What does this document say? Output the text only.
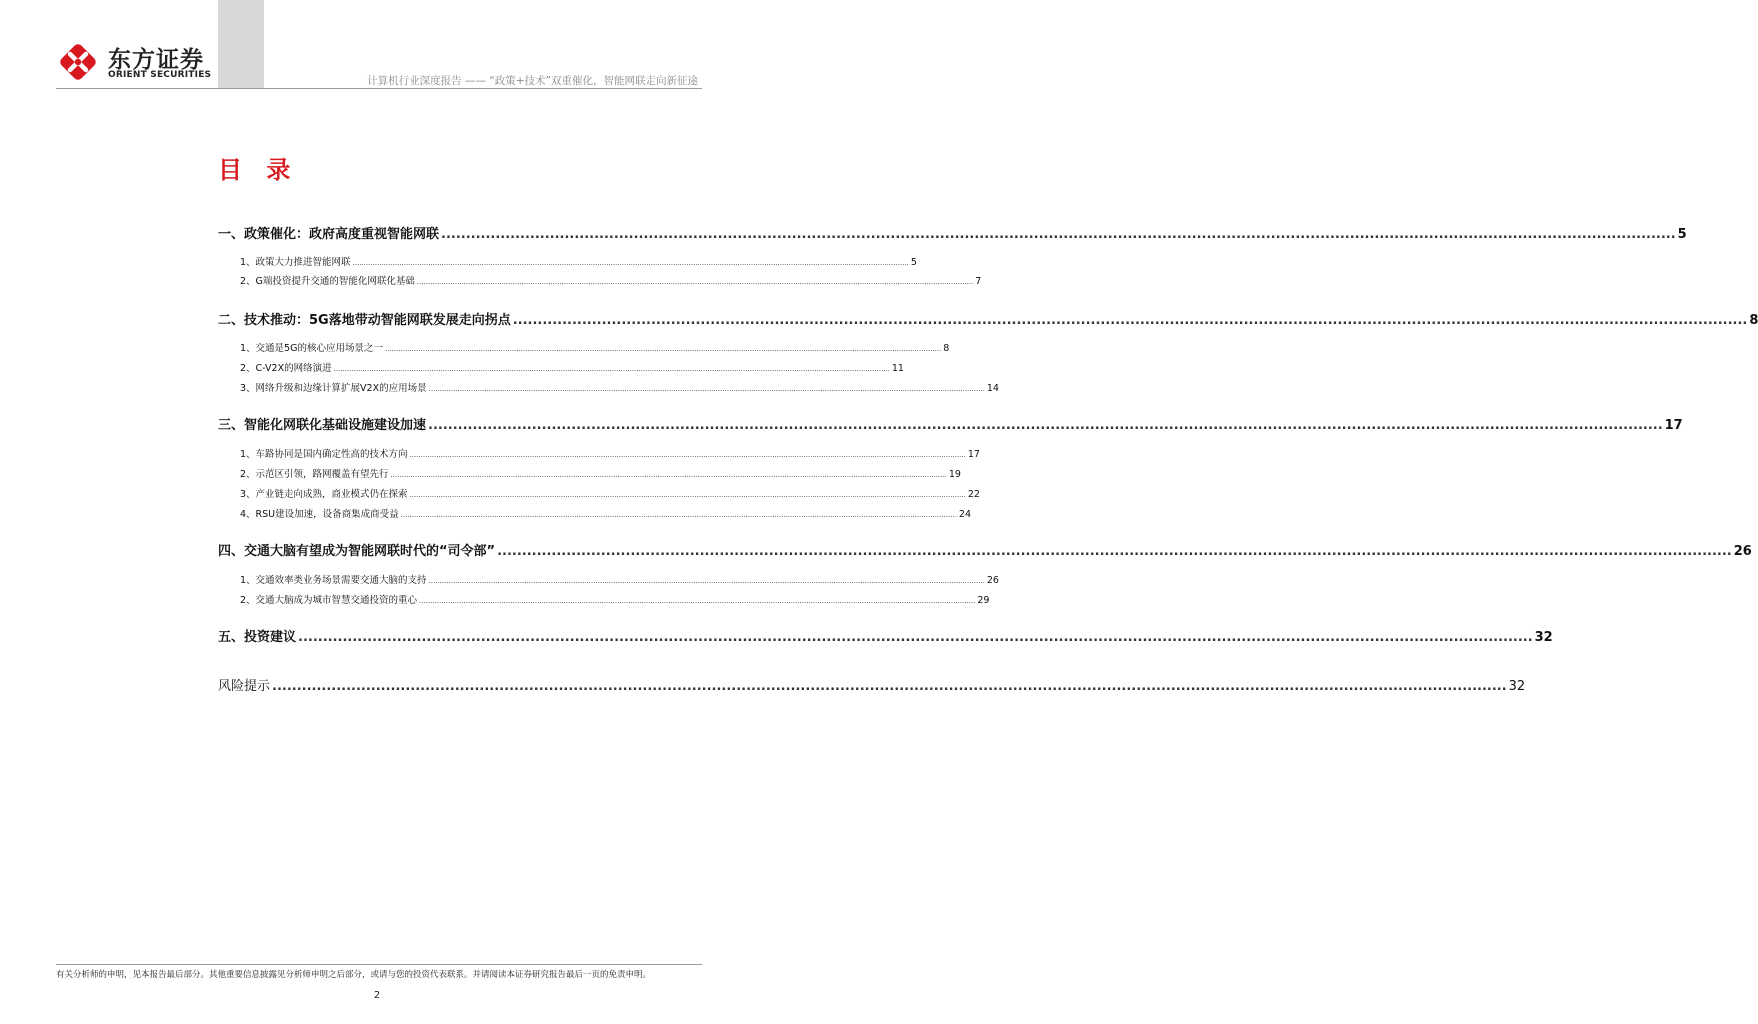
东方证券
ORIENT SECURITIES	计算机行业深度报告 —— “政策+技术”双重催化，智能网联走向新征途
目 录
一、政策催化：政府高度重视智能网联 .......................................................................................................................................................................................................................................................... 5
1、政策大力推进智能网联 .......................................................................................................................................................................................................................................................... 5
2、G端投资提升交通的智能化网联化基础 .......................................................................................................................................................................................................................................................... 7
二、技术推动：5G落地带动智能网联发展走向拐点 .......................................................................................................................................................................................................................................................... 8
1、交通是5G的核心应用场景之一 .......................................................................................................................................................................................................................................................... 8
2、C-V2X的网络演进 .......................................................................................................................................................................................................................................................... 11
3、网络升级和边缘计算扩展V2X的应用场景 .......................................................................................................................................................................................................................................................... 14
三、智能化网联化基础设施建设加速 .......................................................................................................................................................................................................................................................... 17
1、车路协同是国内确定性高的技术方向 .......................................................................................................................................................................................................................................................... 17
2、示范区引领，路网覆盖有望先行 .......................................................................................................................................................................................................................................................... 19
3、产业链走向成熟，商业模式仍在探索 .......................................................................................................................................................................................................................................................... 22
4、RSU建设加速，设备商集成商受益 .......................................................................................................................................................................................................................................................... 24
四、交通大脑有望成为智能网联时代的“司令部” .......................................................................................................................................................................................................................................................... 26
1、交通效率类业务场景需要交通大脑的支持 .......................................................................................................................................................................................................................................................... 26
2、交通大脑成为城市智慧交通投资的重心 .......................................................................................................................................................................................................................................................... 29
五、投资建议 .......................................................................................................................................................................................................................................................... 32
风险提示 .......................................................................................................................................................................................................................................................... 32
有关分析师的申明，见本报告最后部分。其他重要信息披露见分析师申明之后部分，或请与您的投资代表联系。并请阅读本证券研究报告最后一页的免责申明。
2
